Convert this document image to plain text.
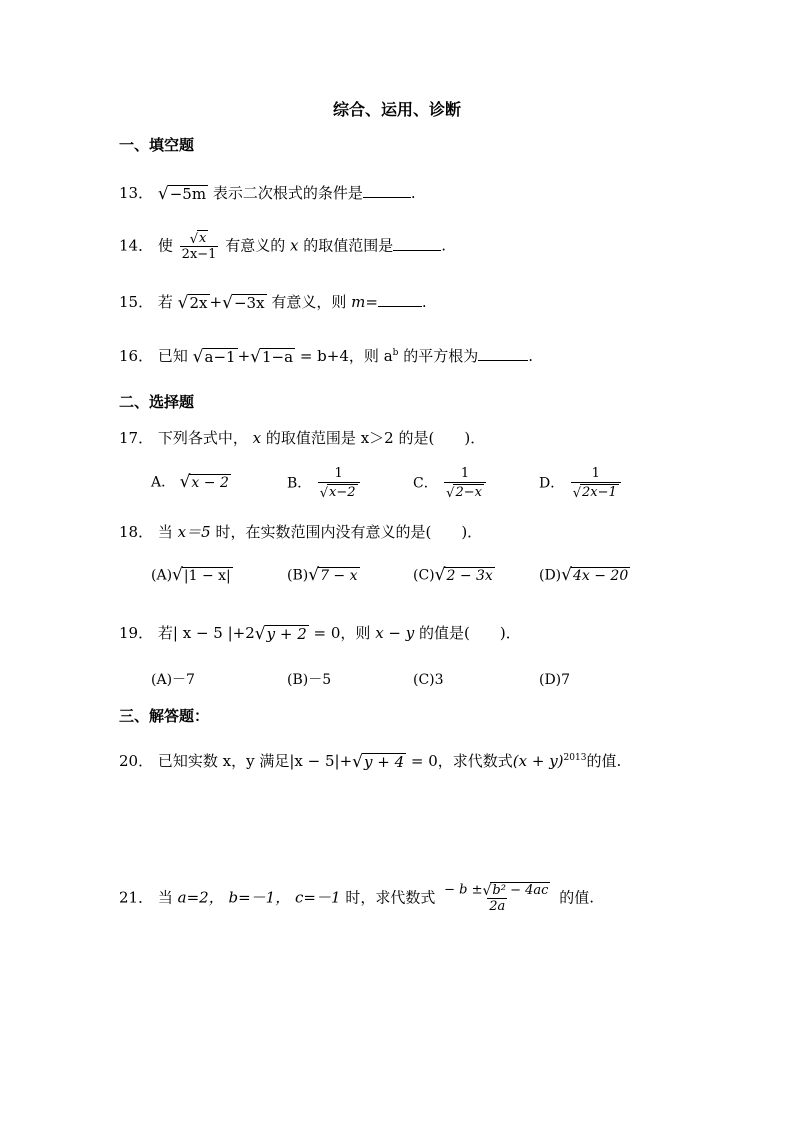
综合、运用、诊断
一、填空题
13． √ −5m 表示二次根式的条件是	.
14． 使 $\frac{√ x}{2x-1}$ 有意义的 x 的取值范围是	.
15． 若 √ 2x + √ −3x 有意义，则 m=	.
16． 已知 √ a−1 + √ 1−a = b+4，则 $a^b$ 的平方根为	.
二、选择题
17． 下列各式中， x 的取值范围是 x＞2 的是(　　)．
A． √ x − 2	B． $\frac{1}{√ x-2}$	C． $\frac{1}{√ 2-x}$	D． $\frac{1}{√ 2x-1}$
18． 当 x＝5 时，在实数范围内没有意义的是(　　)．
(A) √ |1 − x|	(B) √ 7 − x	(C) √ 2 − 3x	(D) √ 4x − 20
19． 若| x − 5 |+2 √ y + 2 = 0，则 x − y 的值是(　　)．
(A)－7	(B)－5	(C)3	(D)7
三、解答题：
20． 已知实数 x，y 满足|x − 5|+ √ y + 4 = 0，求代数式$(x + y)^{2013}$的值.
21． 当 a=2， b=－1， c=－1 时，求代数式 $\frac{\text{− b ± √ b² − 4ac}}{2a}$ 的值.
